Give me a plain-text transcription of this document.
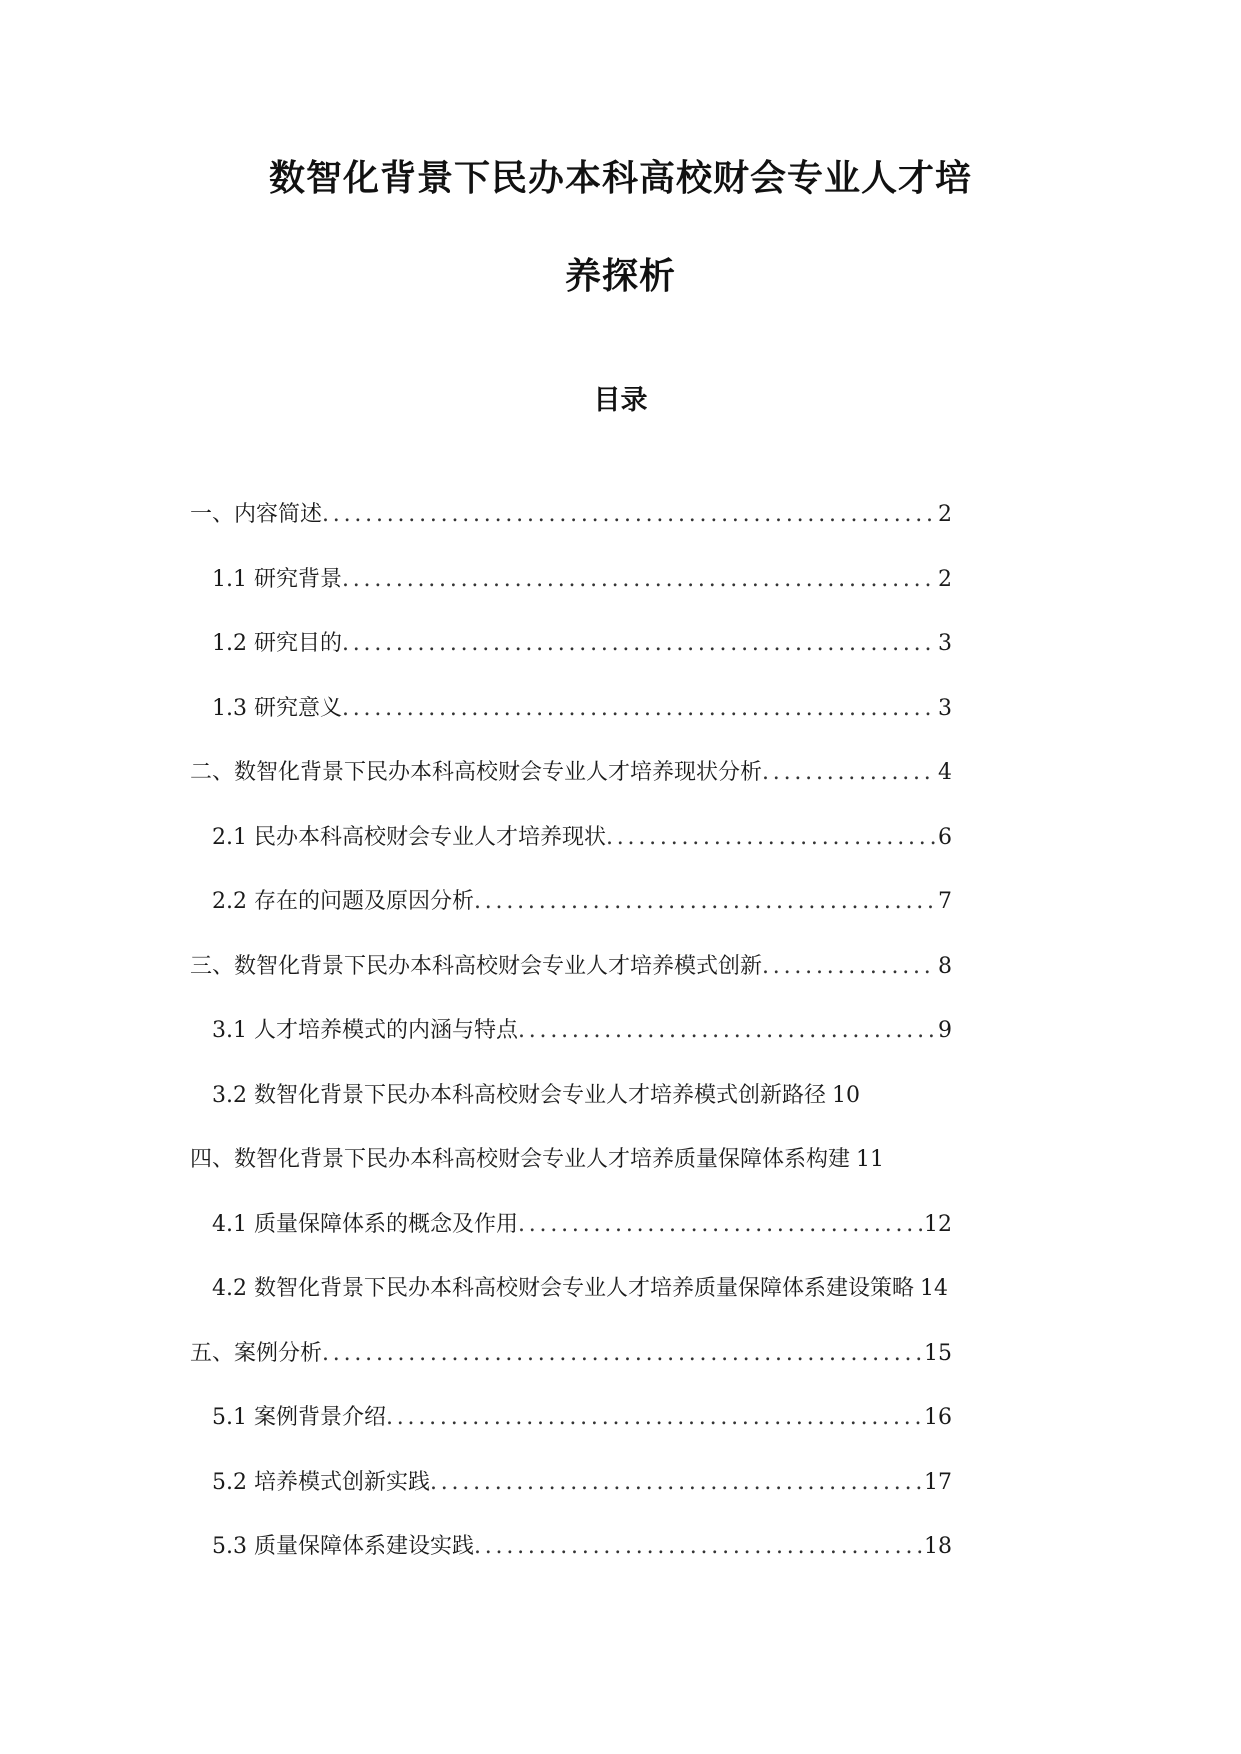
数智化背景下民办本科高校财会专业人才培
养探析
目录
一、内容简述 . . .	2
1.1 研究背景 . . .	2
1.2 研究目的 . . .	3
1.3 研究意义 . . .	3
二、数智化背景下民办本科高校财会专业人才培养现状分析 . . .	4
2.1 民办本科高校财会专业人才培养现状 . . .	6
2.2 存在的问题及原因分析 . . .	7
三、数智化背景下民办本科高校财会专业人才培养模式创新 . . .	8
3.1 人才培养模式的内涵与特点 . . .	9
3.2 数智化背景下民办本科高校财会专业人才培养模式创新路径 10
四、数智化背景下民办本科高校财会专业人才培养质量保障体系构建 11
4.1 质量保障体系的概念及作用 . . .	12
4.2 数智化背景下民办本科高校财会专业人才培养质量保障体系建设策略 14
五、案例分析 . . .	15
5.1 案例背景介绍 . . .	16
5.2 培养模式创新实践 . . .	17
5.3 质量保障体系建设实践 . . .	18
